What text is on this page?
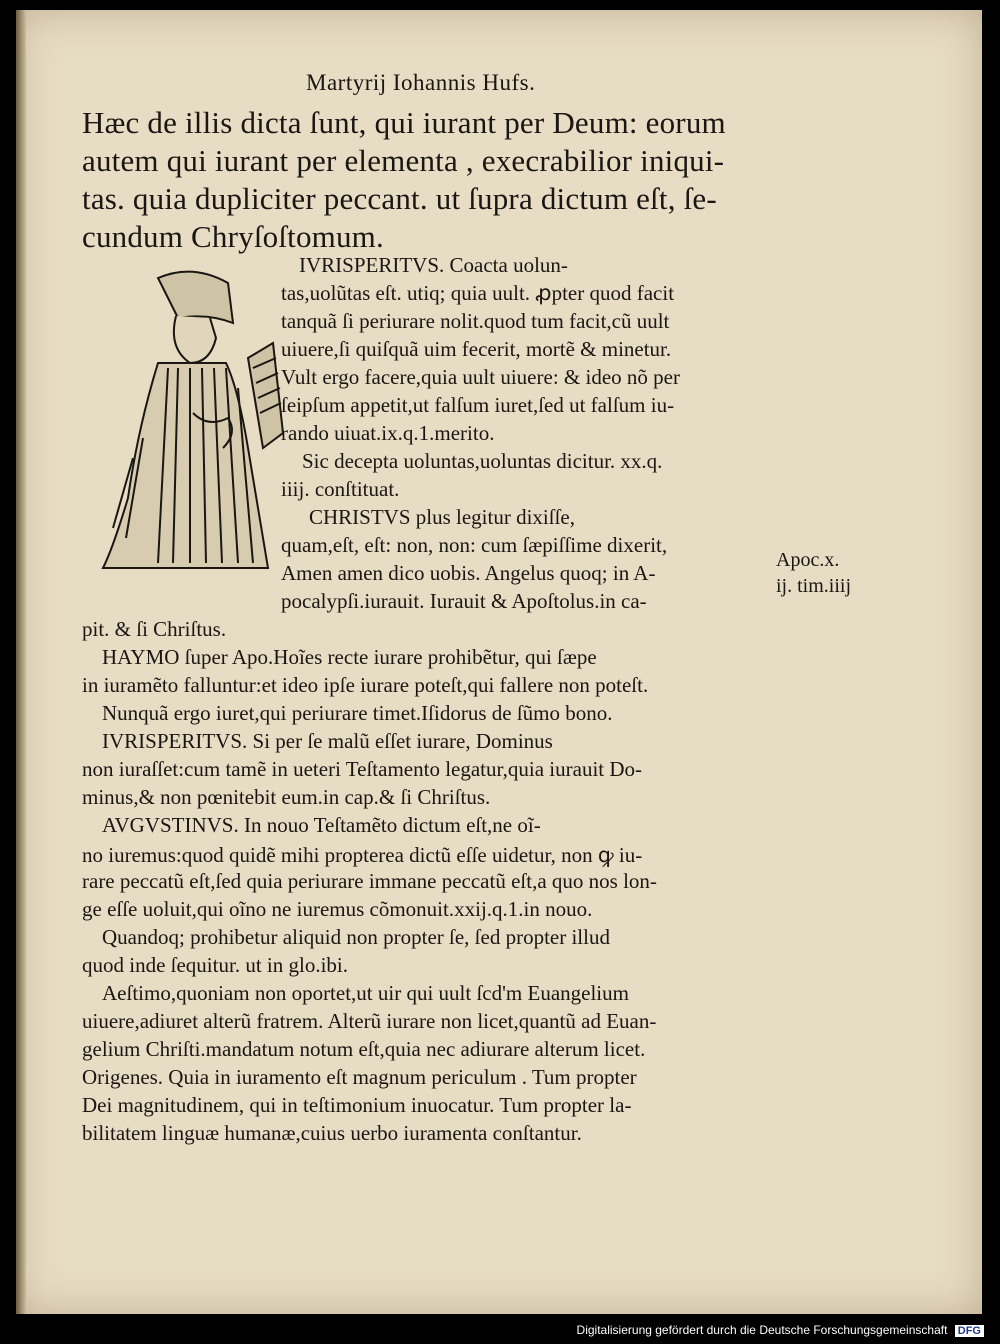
Martyrij Iohannis Hufs.
Hæc de illis dicta ſunt, qui iurant per Deum: eorum
autem qui iurant per elementa , execrabilior iniqui-
tas. quia dupliciter peccant. ut ſupra dictum eſt, ſe-
cundum Chryſoſtomum.
IVRISPERITVS. Coacta uolun-
tas,uolũtas eſt. utiq; quia uult. ꝓpter quod facit
tanquã ſi periurare nolit.quod tum facit,cũ uult
uiuere,ſi quiſquã uim fecerit, mortẽ & minetur.
Vult ergo facere,quia uult uiuere: & ideo nõ per
ſeipſum appetit,ut falſum iuret,ſed ut falſum iu-
rando uiuat.ix.q.1.merito.
Sic decepta uoluntas,uoluntas dicitur. xx.q.
iiij. conſtituat.
CHRISTVS plus legitur dixiſſe,
quam,eſt, eſt: non, non: cum ſæpiſſime dixerit,
Amen amen dico uobis. Angelus quoq; in A-
pocalypſi.iurauit. Iurauit & Apoſtolus.in ca-
pit. & ſi Chriſtus.
HAYMO ſuper Apo.Hoĩes recte iurare prohibẽtur, qui ſæpe
in iuramẽto falluntur:et ideo ipſe iurare poteſt,qui fallere non poteſt.
Nunquã ergo iuret,qui periurare timet.Iſidorus de ſũmo bono.
IVRISPERITVS. Si per ſe malũ eſſet iurare, Dominus
non iuraſſet:cum tamẽ in ueteri Teſtamento legatur,quia iurauit Do-
minus,& non pœnitebit eum.in cap.& ſi Chriſtus.
AVGVSTINVS. In nouo Teſtamẽto dictum eſt,ne oĩ-
no iuremus:quod quidẽ mihi propterea dictũ eſſe uidetur, non ꝙ iu-
rare peccatũ eſt,ſed quia periurare immane peccatũ eſt,a quo nos lon-
ge eſſe uoluit,qui oĩno ne iuremus cõmonuit.xxij.q.1.in nouo.
Quandoq; prohibetur aliquid non propter ſe, ſed propter illud
quod inde ſequitur. ut in glo.ibi.
Aeſtimo,quoniam non oportet,ut uir qui uult ſcd'm Euangelium
uiuere,adiuret alterũ fratrem. Alterũ iurare non licet,quantũ ad Euan-
gelium Chriſti.mandatum notum eſt,quia nec adiurare alterum licet.
Origenes. Quia in iuramento eſt magnum periculum . Tum propter
Dei magnitudinem, qui in teſtimonium inuocatur. Tum propter la-
bilitatem linguæ humanæ,cuius uerbo iuramenta conſtantur.
Apoc.x.
ij. tim.iiij
Digitalisierung gefördert durch die Deutsche Forschungsgemeinschaft DFG
